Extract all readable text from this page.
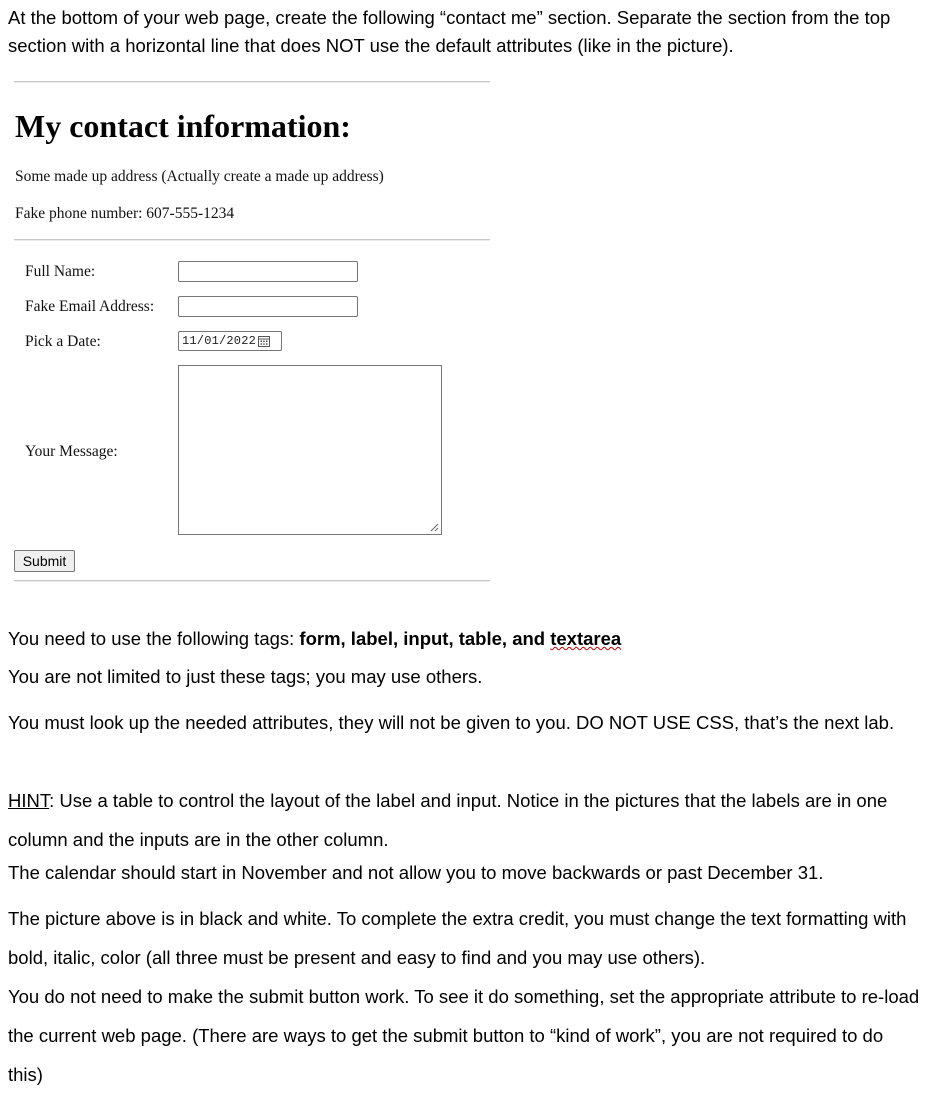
At the bottom of your web page, create the following “contact me” section. Separate the section from the top section with a horizontal line that does NOT use the default attributes (like in the picture).

My contact information:

Some made up address (Actually create a made up address)

Fake phone number: 607-555-1234

Full Name:
Fake Email Address:
Pick a Date:	11/01/2022
Your Message:
Submit

You need to use the following tags: form, label, input, table, and textarea

You are not limited to just these tags; you may use others.

You must look up the needed attributes, they will not be given to you. DO NOT USE CSS, that’s the next lab.

HINT: Use a table to control the layout of the label and input. Notice in the pictures that the labels are in one column and the inputs are in the other column.

The calendar should start in November and not allow you to move backwards or past December 31.

The picture above is in black and white. To complete the extra credit, you must change the text formatting with bold, italic, color (all three must be present and easy to find and you may use others).

You do not need to make the submit button work. To see it do something, set the appropriate attribute to re-load the current web page. (There are ways to get the submit button to “kind of work”, you are not required to do this)
